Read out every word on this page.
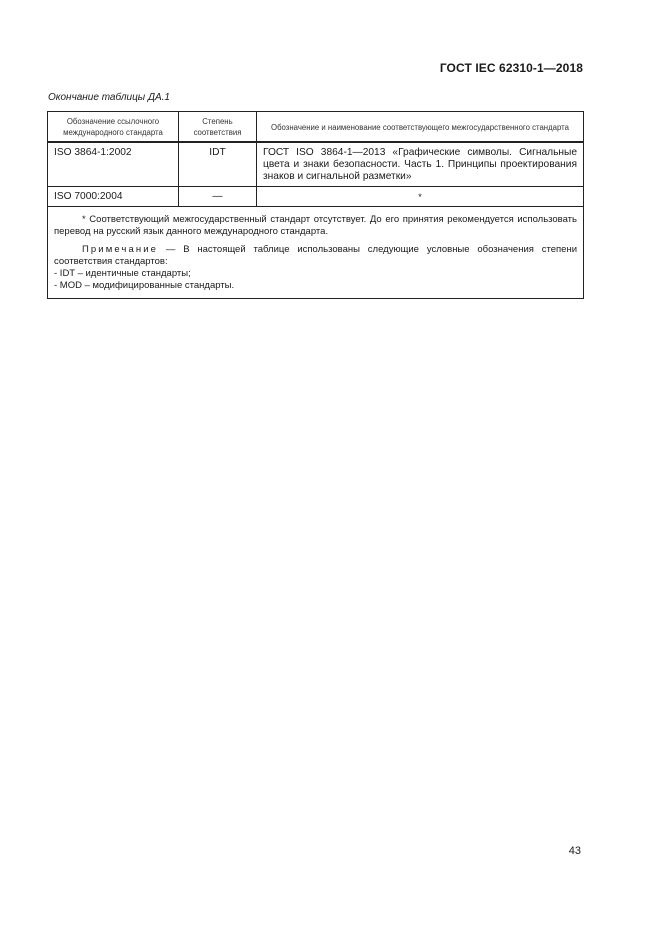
ГОСТ IEC 62310-1—2018
Окончание таблицы ДА.1
Обозначение ссылочного международного стандарта	Степень соответствия	Обозначение и наименование соответствующего межгосударственного стандарта
ISO 3864-1:2002	IDT	ГОСТ ISO 3864-1—2013 «Графические символы. Сигнальные цвета и знаки безопасности. Часть 1. Принципы проектирования знаков и сигнальной разметки»
ISO 7000:2004	—	*

* Соответствующий межгосударственный стандарт отсутствует. До его принятия рекомендуется использовать перевод на русский язык данного международного стандарта.

Примечание — В настоящей таблице использованы следующие условные обозначения степени соответствия стандартов:

- IDT – идентичные стандарты;

- MOD – модифицированные стандарты.		

43
